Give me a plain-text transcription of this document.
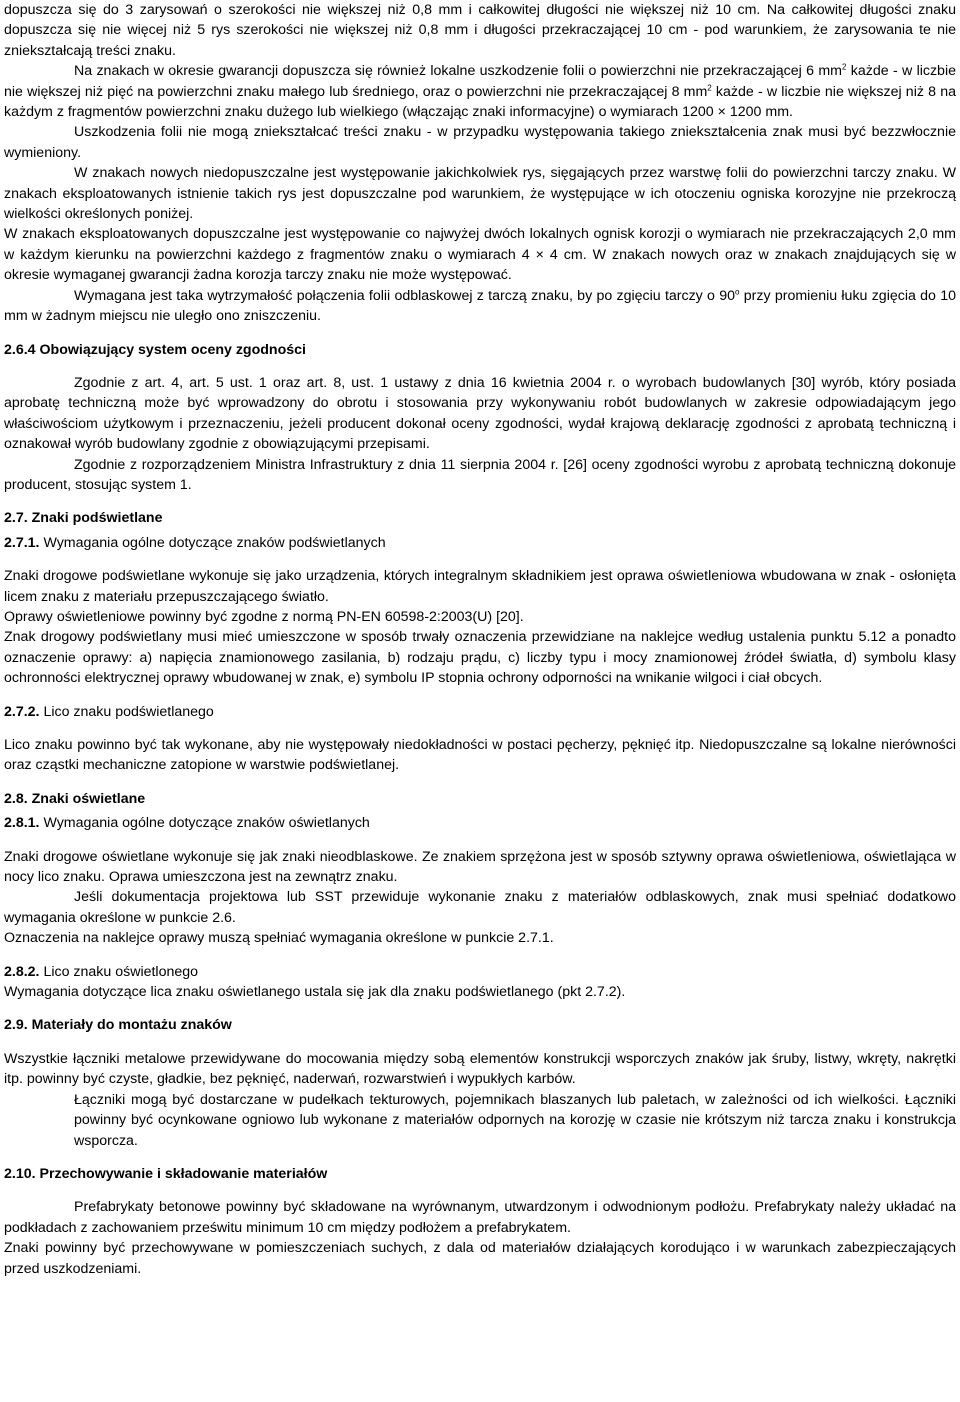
dopuszcza się do 3 zarysowań o szerokości nie większej niż 0,8 mm i całkowitej długości nie większej niż 10 cm. Na całkowitej długości znaku dopuszcza się nie więcej niż 5 rys szerokości nie większej niż 0,8 mm i długości przekraczającej 10 cm - pod warunkiem, że zarysowania te nie zniekształcają treści znaku.

Na znakach w okresie gwarancji dopuszcza się również lokalne uszkodzenie folii o powierzchni nie przekraczającej 6 $mm^2$ każde - w liczbie nie większej niż pięć na powierzchni znaku małego lub średniego, oraz o powierzchni nie przekraczającej 8 $mm^2$ każde - w liczbie nie większej niż 8 na każdym z fragmentów powierzchni znaku dużego lub wielkiego (włączając znaki informacyjne) o wymiarach 1200 × 1200 mm.

Uszkodzenia folii nie mogą zniekształcać treści znaku - w przypadku występowania takiego zniekształcenia znak musi być bezzwłocznie wymieniony.

W znakach nowych niedopuszczalne jest występowanie jakichkolwiek rys, sięgających przez warstwę folii do powierzchni tarczy znaku. W znakach eksploatowanych istnienie takich rys jest dopuszczalne pod warunkiem, że występujące w ich otoczeniu ogniska korozyjne nie przekroczą wielkości określonych poniżej.

W znakach eksploatowanych dopuszczalne jest występowanie co najwyżej dwóch lokalnych ognisk korozji o wymiarach nie przekraczających 2,0 mm w każdym kierunku na powierzchni każdego z fragmentów znaku o wymiarach 4 × 4 cm. W znakach nowych oraz w znakach znajdujących się w okresie wymaganej gwarancji żadna korozja tarczy znaku nie może występować.

Wymagana jest taka wytrzymałość połączenia folii odblaskowej z tarczą znaku, by po zgięciu tarczy o 90$^o$ przy promieniu łuku zgięcia do 10 mm w żadnym miejscu nie uległo ono zniszczeniu.

2.6.4 Obowiązujący system oceny zgodności

Zgodnie z art. 4, art. 5 ust. 1 oraz art. 8, ust. 1 ustawy z dnia 16 kwietnia 2004 r. o wyrobach budowlanych [30] wyrób, który posiada aprobatę techniczną może być wprowadzony do obrotu i stosowania przy wykonywaniu robót budowlanych w zakresie odpowiadającym jego właściwościom użytkowym i przeznaczeniu, jeżeli producent dokonał oceny zgodności, wydał krajową deklarację zgodności z aprobatą techniczną i oznakował wyrób budowlany zgodnie z obowiązującymi przepisami.

Zgodnie z rozporządzeniem Ministra Infrastruktury z dnia 11 sierpnia 2004 r. [26] oceny zgodności wyrobu z aprobatą techniczną dokonuje producent, stosując system 1.

2.7. Znaki podświetlane

2.7.1. Wymagania ogólne dotyczące znaków podświetlanych

Znaki drogowe podświetlane wykonuje się jako urządzenia, których integralnym składnikiem jest oprawa oświetleniowa wbudowana w znak - osłonięta licem znaku z materiału przepuszczającego światło.

Oprawy oświetleniowe powinny być zgodne z normą PN-EN 60598-2:2003(U) [20].

Znak drogowy podświetlany musi mieć umieszczone w sposób trwały oznaczenia przewidziane na naklejce według ustalenia punktu 5.12 a ponadto oznaczenie oprawy: a) napięcia znamionowego zasilania, b) rodzaju prądu, c) liczby typu i mocy znamionowej źródeł światła, d) symbolu klasy ochronności elektrycznej oprawy wbudowanej w znak, e) symbolu IP stopnia ochrony odporności na wnikanie wilgoci i ciał obcych.

2.7.2. Lico znaku podświetlanego

Lico znaku powinno być tak wykonane, aby nie występowały niedokładności w postaci pęcherzy, pęknięć itp. Niedopuszczalne są lokalne nierówności oraz cząstki mechaniczne zatopione w warstwie podświetlanej.

2.8. Znaki oświetlane

2.8.1. Wymagania ogólne dotyczące znaków oświetlanych

Znaki drogowe oświetlane wykonuje się jak znaki nieodblaskowe. Ze znakiem sprzężona jest w sposób sztywny oprawa oświetleniowa, oświetlająca w nocy lico znaku. Oprawa umieszczona jest na zewnątrz znaku.

Jeśli dokumentacja projektowa lub SST przewiduje wykonanie znaku z materiałów odblaskowych, znak musi spełniać dodatkowo wymagania określone w punkcie 2.6.

Oznaczenia na naklejce oprawy muszą spełniać wymagania określone w punkcie 2.7.1.

2.8.2. Lico znaku oświetlonego

Wymagania dotyczące lica znaku oświetlanego ustala się jak dla znaku podświetlanego (pkt 2.7.2).

2.9. Materiały do montażu znaków

Wszystkie łączniki metalowe przewidywane do mocowania między sobą elementów konstrukcji wsporczych znaków jak śruby, listwy, wkręty, nakrętki itp. powinny być czyste, gładkie, bez pęknięć, naderwań, rozwarstwień i wypukłych karbów.

Łączniki mogą być dostarczane w pudełkach tekturowych, pojemnikach blaszanych lub paletach, w zależności od ich wielkości. Łączniki powinny być ocynkowane ogniowo lub wykonane z materiałów odpornych na korozję w czasie nie krótszym niż tarcza znaku i konstrukcja wsporcza.

2.10. Przechowywanie i składowanie materiałów

Prefabrykaty betonowe powinny być składowane na wyrównanym, utwardzonym i odwodnionym podłożu. Prefabrykaty należy układać na podkładach z zachowaniem prześwitu minimum 10 cm między podłożem a prefabrykatem.

Znaki powinny być przechowywane w pomieszczeniach suchych, z dala od materiałów działających korodująco i w warunkach zabezpieczających przed uszkodzeniami.
